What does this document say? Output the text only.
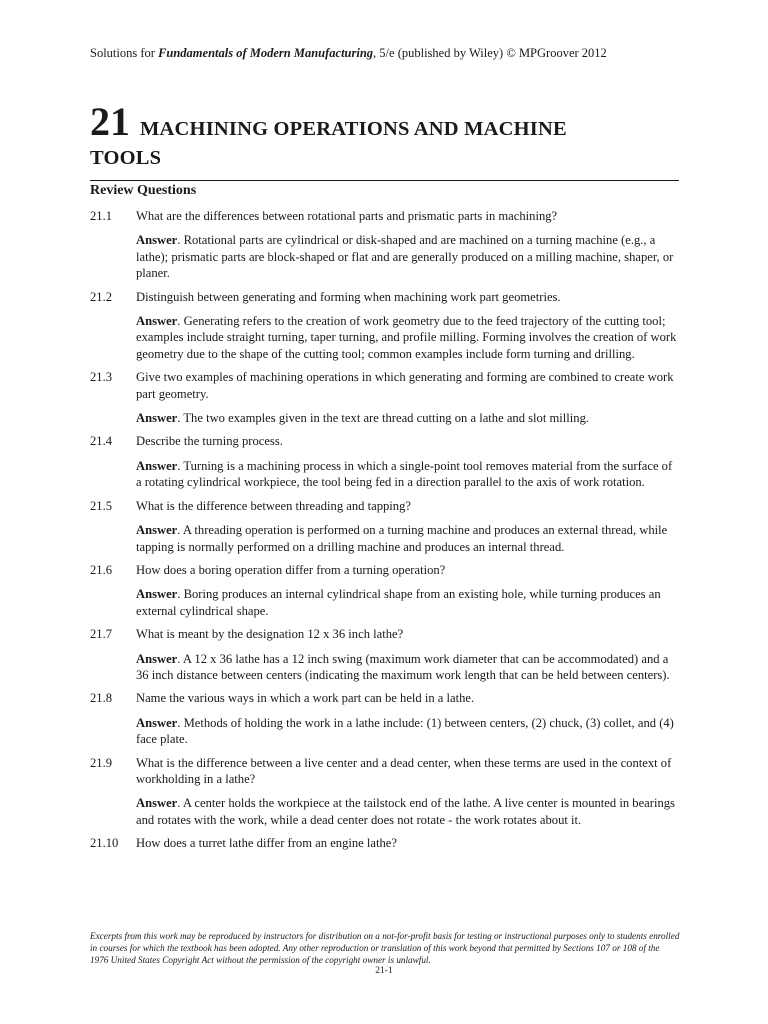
Solutions for Fundamentals of Modern Manufacturing, 5/e (published by Wiley) © MPGroover 2012
21 MACHINING OPERATIONS AND MACHINE
TOOLS
Review Questions
21.1	What are the differences between rotational parts and prismatic parts in machining?
Answer. Rotational parts are cylindrical or disk-shaped and are machined on a turning machine (e.g., a lathe); prismatic parts are block-shaped or flat and are generally produced on a milling machine, shaper, or planer.
21.2	Distinguish between generating and forming when machining work part geometries.
Answer. Generating refers to the creation of work geometry due to the feed trajectory of the cutting tool; examples include straight turning, taper turning, and profile milling. Forming involves the creation of work geometry due to the shape of the cutting tool; common examples include form turning and drilling.
21.3	Give two examples of machining operations in which generating and forming are combined to create work part geometry.
Answer. The two examples given in the text are thread cutting on a lathe and slot milling.
21.4	Describe the turning process.
Answer. Turning is a machining process in which a single-point tool removes material from the surface of a rotating cylindrical workpiece, the tool being fed in a direction parallel to the axis of work rotation.
21.5	What is the difference between threading and tapping?
Answer. A threading operation is performed on a turning machine and produces an external thread, while tapping is normally performed on a drilling machine and produces an internal thread.
21.6	How does a boring operation differ from a turning operation?
Answer. Boring produces an internal cylindrical shape from an existing hole, while turning produces an external cylindrical shape.
21.7	What is meant by the designation 12 x 36 inch lathe?
Answer. A 12 x 36 lathe has a 12 inch swing (maximum work diameter that can be accommodated) and a 36 inch distance between centers (indicating the maximum work length that can be held between centers).
21.8	Name the various ways in which a work part can be held in a lathe.
Answer. Methods of holding the work in a lathe include: (1) between centers, (2) chuck, (3) collet, and (4) face plate.
21.9	What is the difference between a live center and a dead center, when these terms are used in the context of workholding in a lathe?
Answer. A center holds the workpiece at the tailstock end of the lathe. A live center is mounted in bearings and rotates with the work, while a dead center does not rotate - the work rotates about it.
21.10	How does a turret lathe differ from an engine lathe?
Excerpts from this work may be reproduced by instructors for distribution on a not-for-profit basis for testing or instructional purposes only to students enrolled in courses for which the textbook has been adopted. Any other reproduction or translation of this work beyond that permitted by Sections 107 or 108 of the 1976 United States Copyright Act without the permission of the copyright owner is unlawful.
21-1
